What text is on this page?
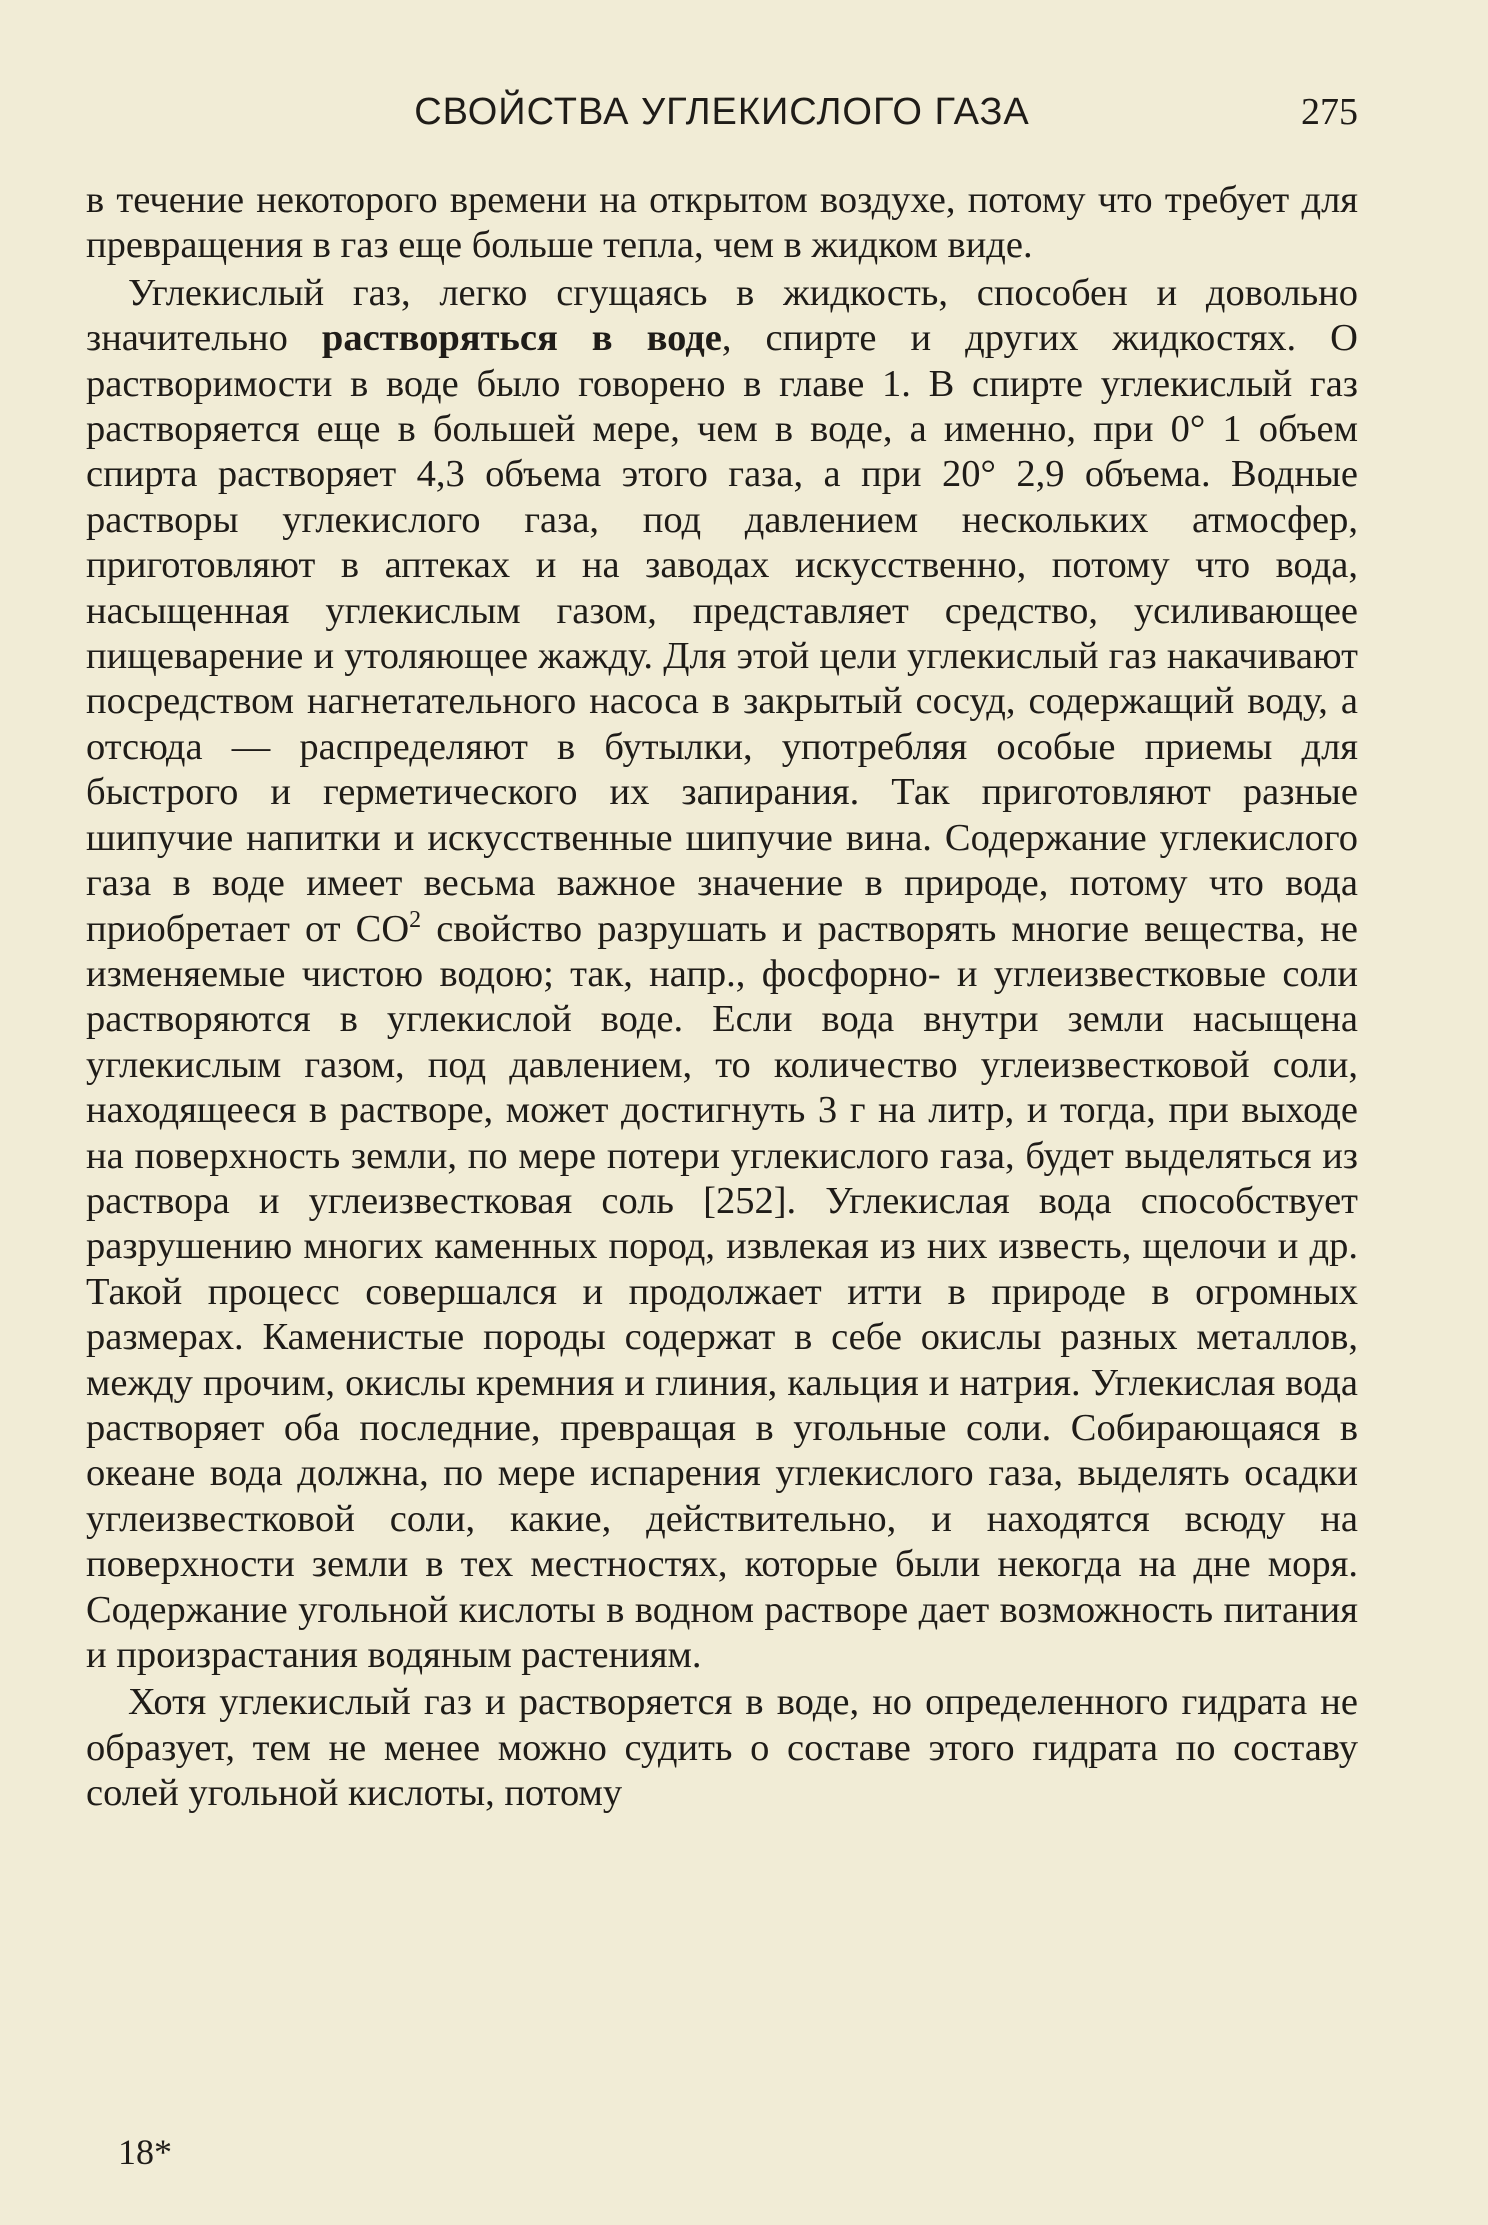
СВОЙСТВА УГЛЕКИСЛОГО ГАЗА	275

в течение некоторого времени на открытом воздухе, потому что требует для превращения в газ еще больше тепла, чем в жидком виде.

Углекислый газ, легко сгущаясь в жидкость, способен и довольно значительно растворяться в воде, спирте и других жидкостях. О растворимости в воде было говорено в главе 1. В спирте углекислый газ растворяется еще в большей мере, чем в воде, а именно, при 0° 1 объем спирта растворяет 4,3 объема этого газа, а при 20° 2,9 объема. Водные растворы углекислого газа, под давлением нескольких атмосфер, приготовляют в аптеках и на заводах искусственно, потому что вода, насыщенная углекислым газом, представляет средство, усиливающее пищеварение и утоляющее жажду. Для этой цели углекислый газ накачивают посредством нагнетательного насоса в закрытый сосуд, содержащий воду, а отсюда — распределяют в бутылки, употребляя особые приемы для быстрого и герметического их запирания. Так приготовляют разные шипучие напитки и искусственные шипучие вина. Содержание углекислого газа в воде имеет весьма важное значение в природе, потому что вода приобретает от $CO^2$ свойство разрушать и растворять многие вещества, не изменяемые чистою водою; так, напр., фосфорно- и углеизвестковые соли растворяются в углекислой воде. Если вода внутри земли насыщена углекислым газом, под давлением, то количество углеизвестковой соли, находящееся в растворе, может достигнуть 3 г на литр, и тогда, при выходе на поверхность земли, по мере потери углекислого газа, будет выделяться из раствора и углеизвестковая соль [252]. Углекислая вода способствует разрушению многих каменных пород, извлекая из них известь, щелочи и др. Такой процесс совершался и продолжает итти в природе в огромных размерах. Каменистые породы содержат в себе окислы разных металлов, между прочим, окислы кремния и глиния, кальция и натрия. Углекислая вода растворяет оба последние, превращая в угольные соли. Собирающаяся в океане вода должна, по мере испарения углекислого газа, выделять осадки углеизвестковой соли, какие, действительно, и находятся всюду на поверхности земли в тех местностях, которые были некогда на дне моря. Содержание угольной кислоты в водном растворе дает возможность питания и произрастания водяным растениям.

Хотя углекислый газ и растворяется в воде, но определенного гидрата не образует, тем не менее можно судить о составе этого гидрата по составу солей угольной кислоты, потому

18*
